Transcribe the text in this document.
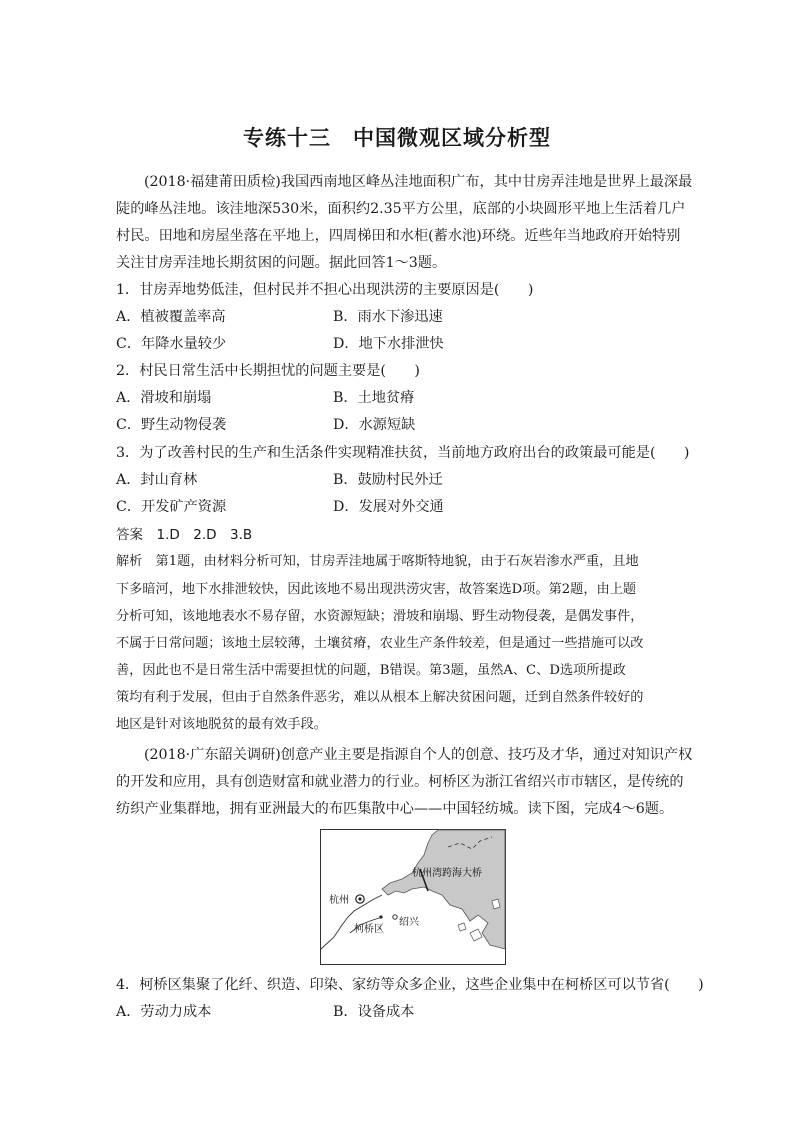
专练十三　中国微观区域分析型
(2018·福建莆田质检)我国西南地区峰丛洼地面积广布，其中甘房弄洼地是世界上最深最
陡的峰丛洼地。该洼地深530米，面积约2.35平方公里，底部的小块圆形平地上生活着几户
村民。田地和房屋坐落在平地上，四周梯田和水柜(蓄水池)环绕。近些年当地政府开始特别
关注甘房弄洼地长期贫困的问题。据此回答1～3题。
1．甘房弄地势低洼，但村民并不担心出现洪涝的主要原因是(　　)
A．植被覆盖率高	B．雨水下渗迅速
C．年降水量较少	D．地下水排泄快
2．村民日常生活中长期担忧的问题主要是(　　)
A．滑坡和崩塌	B．土地贫瘠
C．野生动物侵袭	D．水源短缺
3．为了改善村民的生产和生活条件实现精准扶贫，当前地方政府出台的政策最可能是(　　)
A．封山育林	B．鼓励村民外迁
C．开发矿产资源	D．发展对外交通
答案　1.D　2.D　3.B
解析　第1题，由材料分析可知，甘房弄洼地属于喀斯特地貌，由于石灰岩渗水严重，且地
下多暗河，地下水排泄较快，因此该地不易出现洪涝灾害，故答案选D项。第2题，由上题
分析可知，该地地表水不易存留，水资源短缺；滑坡和崩塌、野生动物侵袭，是偶发事件，
不属于日常问题；该地土层较薄，土壤贫瘠，农业生产条件较差，但是通过一些措施可以改
善，因此也不是日常生活中需要担忧的问题，B错误。第3题，虽然A、C、D选项所提政
策均有利于发展，但由于自然条件恶劣，难以从根本上解决贫困问题，迁到自然条件较好的
地区是针对该地脱贫的最有效手段。
(2018·广东韶关调研)创意产业主要是指源自个人的创意、技巧及才华，通过对知识产权
的开发和应用，具有创造财富和就业潜力的行业。柯桥区为浙江省绍兴市市辖区，是传统的
纺织产业集群地，拥有亚洲最大的布匹集散中心——中国轻纺城。读下图，完成4～6题。
杭州湾跨海大桥
杭州
柯桥区
绍兴
4．柯桥区集聚了化纤、织造、印染、家纺等众多企业，这些企业集中在柯桥区可以节省(　　)
A．劳动力成本	B．设备成本
